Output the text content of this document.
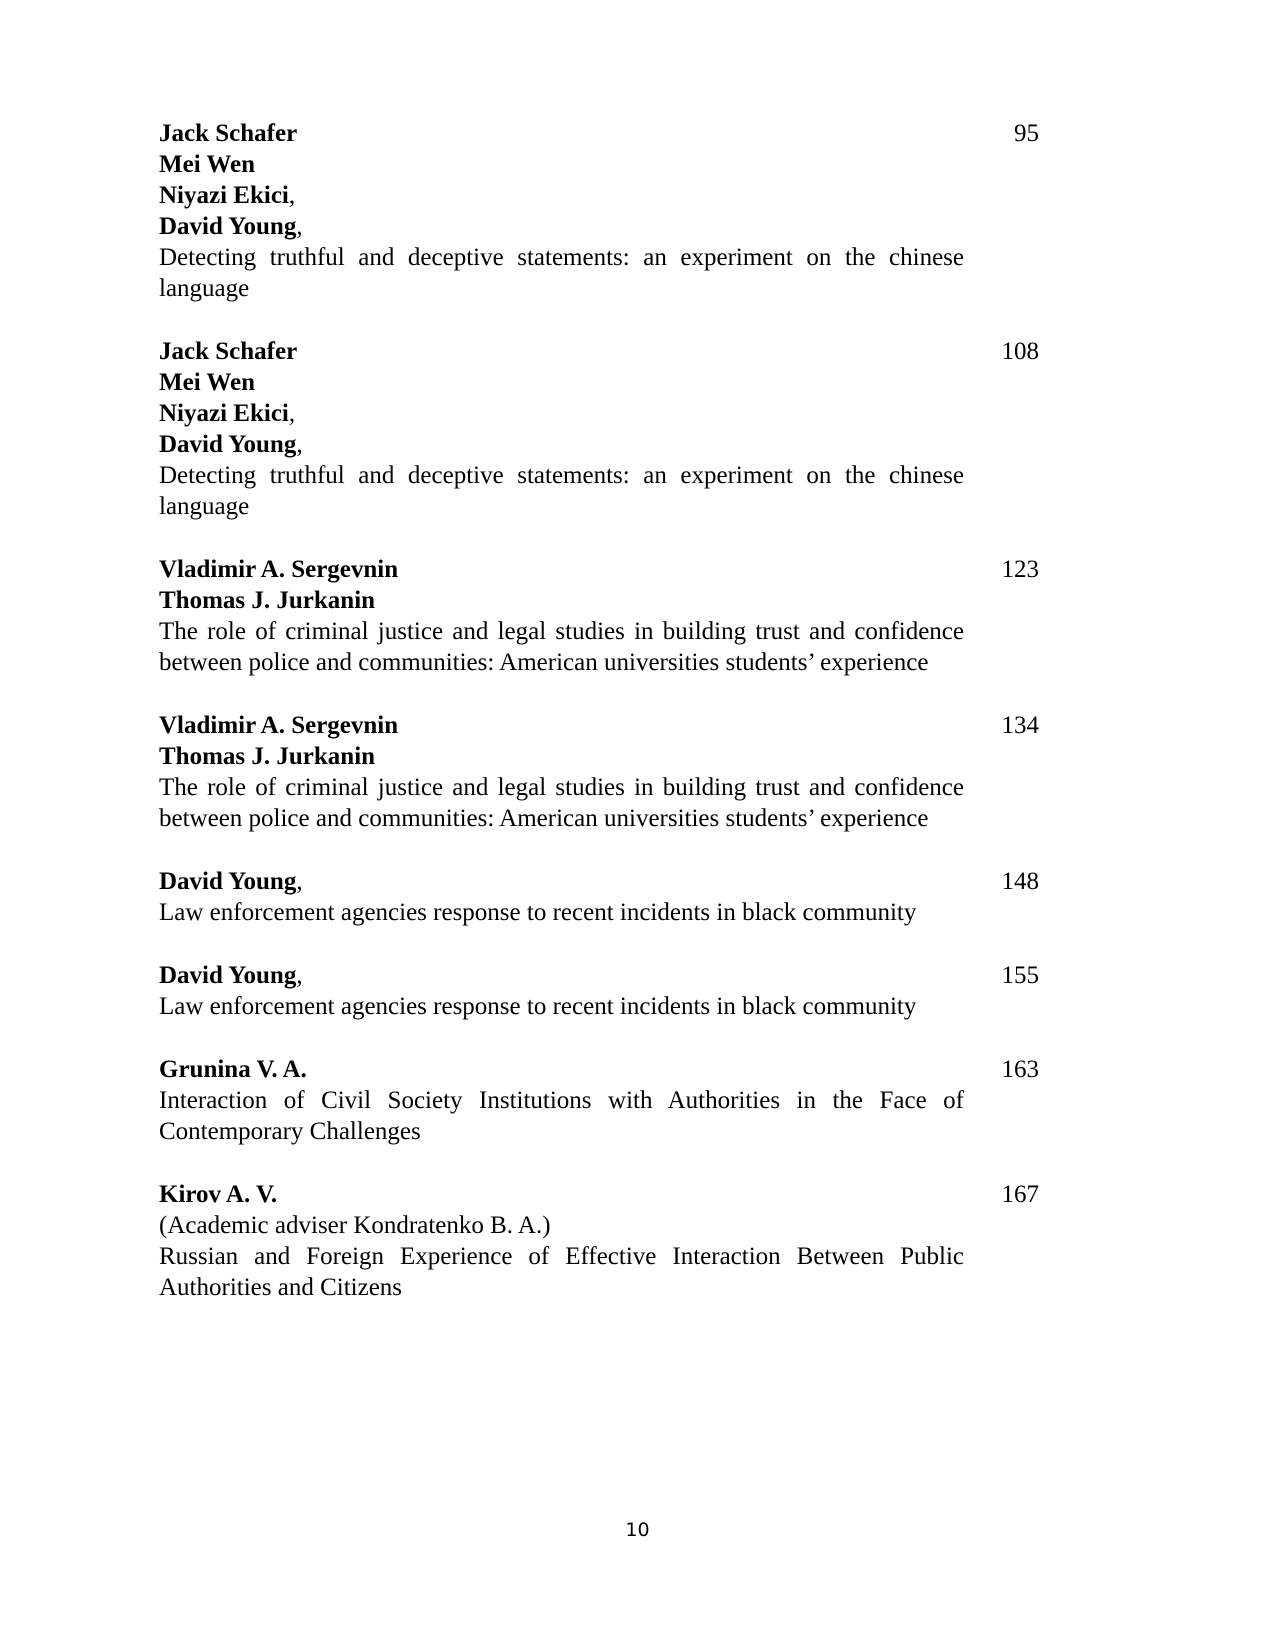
Jack Schafer
Mei Wen
Niyazi Ekici,
David Young,
Detecting truthful and deceptive statements: an experiment on the chinese language
95
Jack Schafer
Mei Wen
Niyazi Ekici,
David Young,
Detecting truthful and deceptive statements: an experiment on the chinese language
108
Vladimir A. Sergevnin
Thomas J. Jurkanin
The role of criminal justice and legal studies in building trust and confidence between police and communities: American universities students’ experience
123
Vladimir A. Sergevnin
Thomas J. Jurkanin
The role of criminal justice and legal studies in building trust and confidence between police and communities: American universities students’ experience
134
David Young,
Law enforcement agencies response to recent incidents in black community
148
David Young,
Law enforcement agencies response to recent incidents in black community
155
Grunina V. A.
Interaction of Civil Society Institutions with Authorities in the Face of Contemporary Challenges
163
Kirov A. V.
(Academic adviser Kondratenko B. A.)
Russian and Foreign Experience of Effective Interaction Between Public Authorities and Citizens
167
10
